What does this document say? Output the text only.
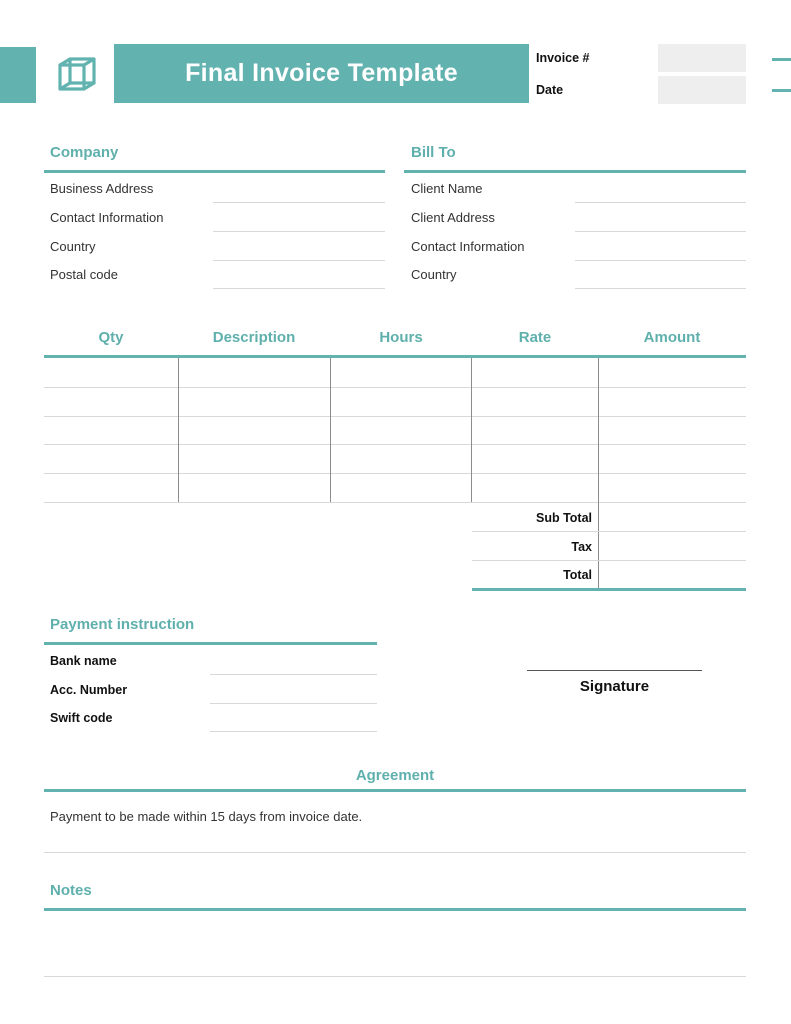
Final Invoice Template
Invoice #
Date
Company
Business Address
Contact Information
Country
Postal code
Bill To
Client Name
Client Address
Contact Information
Country
Qty	Description	Hours	Rate	Amount
Sub Total
Tax
Total
Payment instruction
Bank name
Acc. Number
Swift code
Signature
Agreement
Payment to be made within 15 days from invoice date.
Notes
